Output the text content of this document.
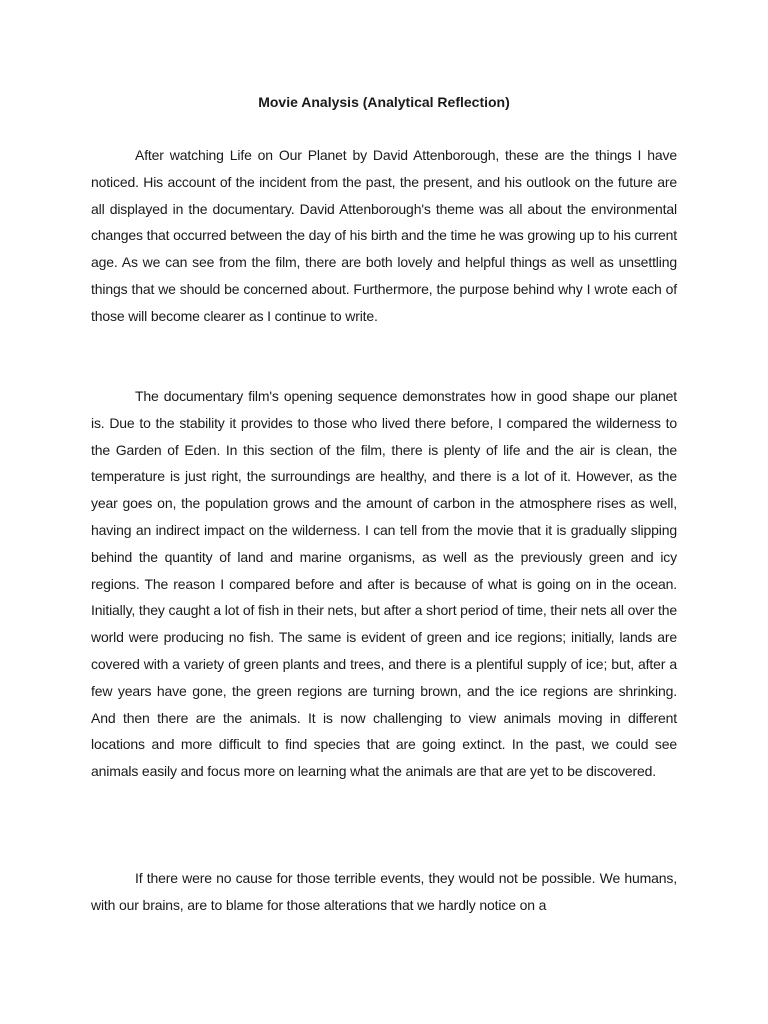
Movie Analysis (Analytical Reflection)

After watching Life on Our Planet by David Attenborough, these are the things I have noticed. His account of the incident from the past, the present, and his outlook on the future are all displayed in the documentary. David Attenborough's theme was all about the environmental changes that occurred between the day of his birth and the time he was growing up to his current age. As we can see from the film, there are both lovely and helpful things as well as unsettling things that we should be concerned about. Furthermore, the purpose behind why I wrote each of those will become clearer as I continue to write.

The documentary film's opening sequence demonstrates how in good shape our planet is. Due to the stability it provides to those who lived there before, I compared the wilderness to the Garden of Eden. In this section of the film, there is plenty of life and the air is clean, the temperature is just right, the surroundings are healthy, and there is a lot of it. However, as the year goes on, the population grows and the amount of carbon in the atmosphere rises as well, having an indirect impact on the wilderness. I can tell from the movie that it is gradually slipping behind the quantity of land and marine organisms, as well as the previously green and icy regions. The reason I compared before and after is because of what is going on in the ocean. Initially, they caught a lot of fish in their nets, but after a short period of time, their nets all over the world were producing no fish. The same is evident of green and ice regions; initially, lands are covered with a variety of green plants and trees, and there is a plentiful supply of ice; but, after a few years have gone, the green regions are turning brown, and the ice regions are shrinking. And then there are the animals. It is now challenging to view animals moving in different locations and more difficult to find species that are going extinct. In the past, we could see animals easily and focus more on learning what the animals are that are yet to be discovered.

If there were no cause for those terrible events, they would not be possible. We humans, with our brains, are to blame for those alterations that we hardly notice on a
